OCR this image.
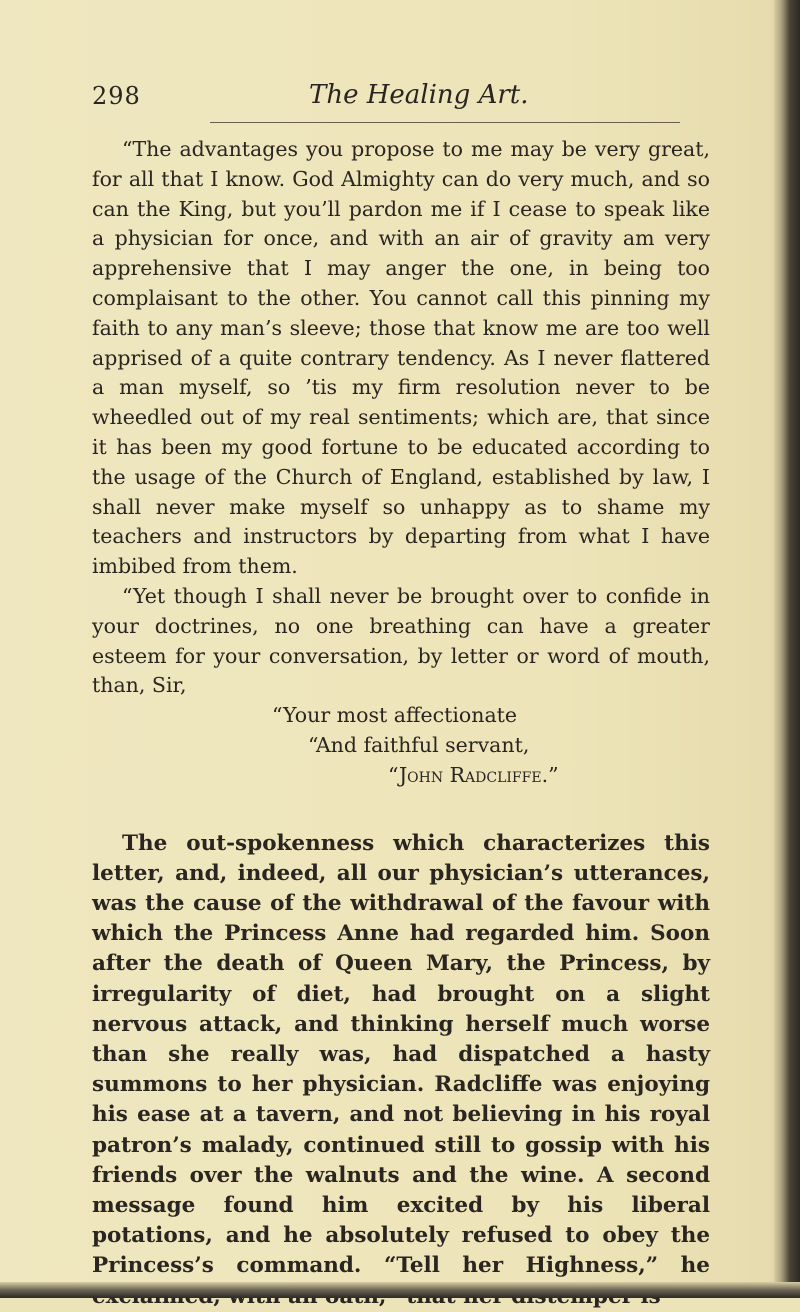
298	The Healing Art.

“The advantages you propose to me may be very great, for all that I know. God Almighty can do very much, and so can the King, but you’ll pardon me if I cease to speak like a physician for once, and with an air of gravity am very apprehensive that I may anger the one, in being too complaisant to the other. You cannot call this pinning my faith to any man’s sleeve; those that know me are too well apprised of a quite contrary tendency. As I never flattered a man myself, so ’tis my firm resolution never to be wheedled out of my real sentiments; which are, that since it has been my good fortune to be educated according to the usage of the Church of England, established by law, I shall never make myself so unhappy as to shame my teachers and instructors by departing from what I have imbibed from them.

“Yet though I shall never be brought over to confide in your doctrines, no one breathing can have a greater esteem for your conversation, by letter or word of mouth, than, Sir,

“Your most affectionate
“And faithful servant,
“John Radcliffe.”

The out-spokenness which characterizes this letter, and, indeed, all our physician’s utterances, was the cause of the withdrawal of the favour with which the Princess Anne had regarded him. Soon after the death of Queen Mary, the Princess, by irregularity of diet, had brought on a slight nervous attack, and thinking herself much worse than she really was, had dispatched a hasty summons to her physician. Radcliffe was enjoying his ease at a tavern, and not believing in his royal patron’s malady, continued still to gossip with his friends over the walnuts and the wine. A second message found him excited by his liberal potations, and he absolutely refused to obey the Princess’s command. “Tell her Highness,” he
